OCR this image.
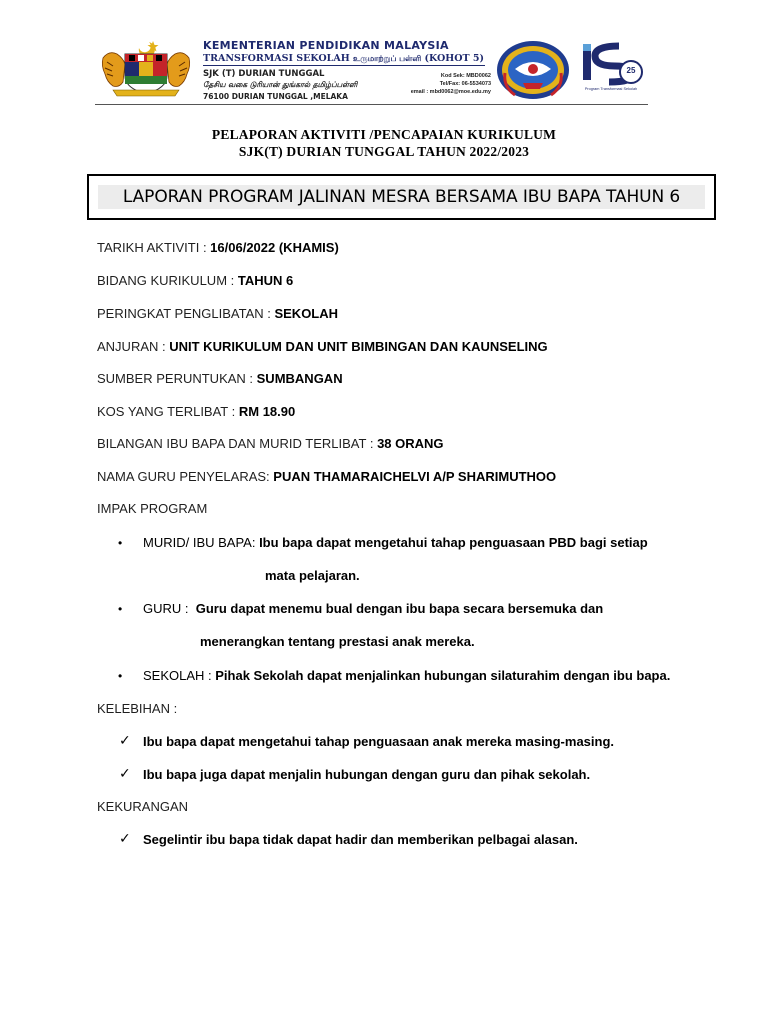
KEMENTERIAN PENDIDIKAN MALAYSIA
TRANSFORMASI SEKOLAH உருமாற்றுப் பள்ளி (KOHOT 5)
SJK (T) DURIAN TUNGGAL
தேசிய வகை டுரியான் துங்கால் தமிழ்ப்பள்ளி
76100 DURIAN TUNGGAL ,MELAKA
Kod Sek: MBD0062
Tel/Fax: 06-5534073
email : mbd0062@moe.edu.my
25
Program Transformasi Sekolah
PELAPORAN AKTIVITI /PENCAPAIAN KURIKULUM
SJK(T) DURIAN TUNGGAL TAHUN 2022/2023
LAPORAN PROGRAM JALINAN MESRA BERSAMA IBU BAPA TAHUN 6
TARIKH AKTIVITI : 16/06/2022 (KHAMIS)
BIDANG KURIKULUM : TAHUN 6
PERINGKAT PENGLIBATAN : SEKOLAH
ANJURAN : UNIT KURIKULUM DAN UNIT BIMBINGAN DAN KAUNSELING
SUMBER PERUNTUKAN : SUMBANGAN
KOS YANG TERLIBAT : RM 18.90
BILANGAN IBU BAPA DAN MURID TERLIBAT : 38 ORANG
NAMA GURU PENYELARAS: PUAN THAMARAICHELVI A/P SHARIMUTHOO
IMPAK PROGRAM
• MURID/ IBU BAPA: Ibu bapa dapat mengetahui tahap penguasaan PBD bagi setiap
mata pelajaran.
• GURU :  Guru dapat menemu bual dengan ibu bapa secara bersemuka dan
menerangkan tentang prestasi anak mereka.
• SEKOLAH : Pihak Sekolah dapat menjalinkan hubungan silaturahim dengan ibu bapa.
KELEBIHAN :
✓ Ibu bapa dapat mengetahui tahap penguasaan anak mereka masing-masing.
✓ Ibu bapa juga dapat menjalin hubungan dengan guru dan pihak sekolah.
KEKURANGAN
✓ Segelintir ibu bapa tidak dapat hadir dan memberikan pelbagai alasan.
